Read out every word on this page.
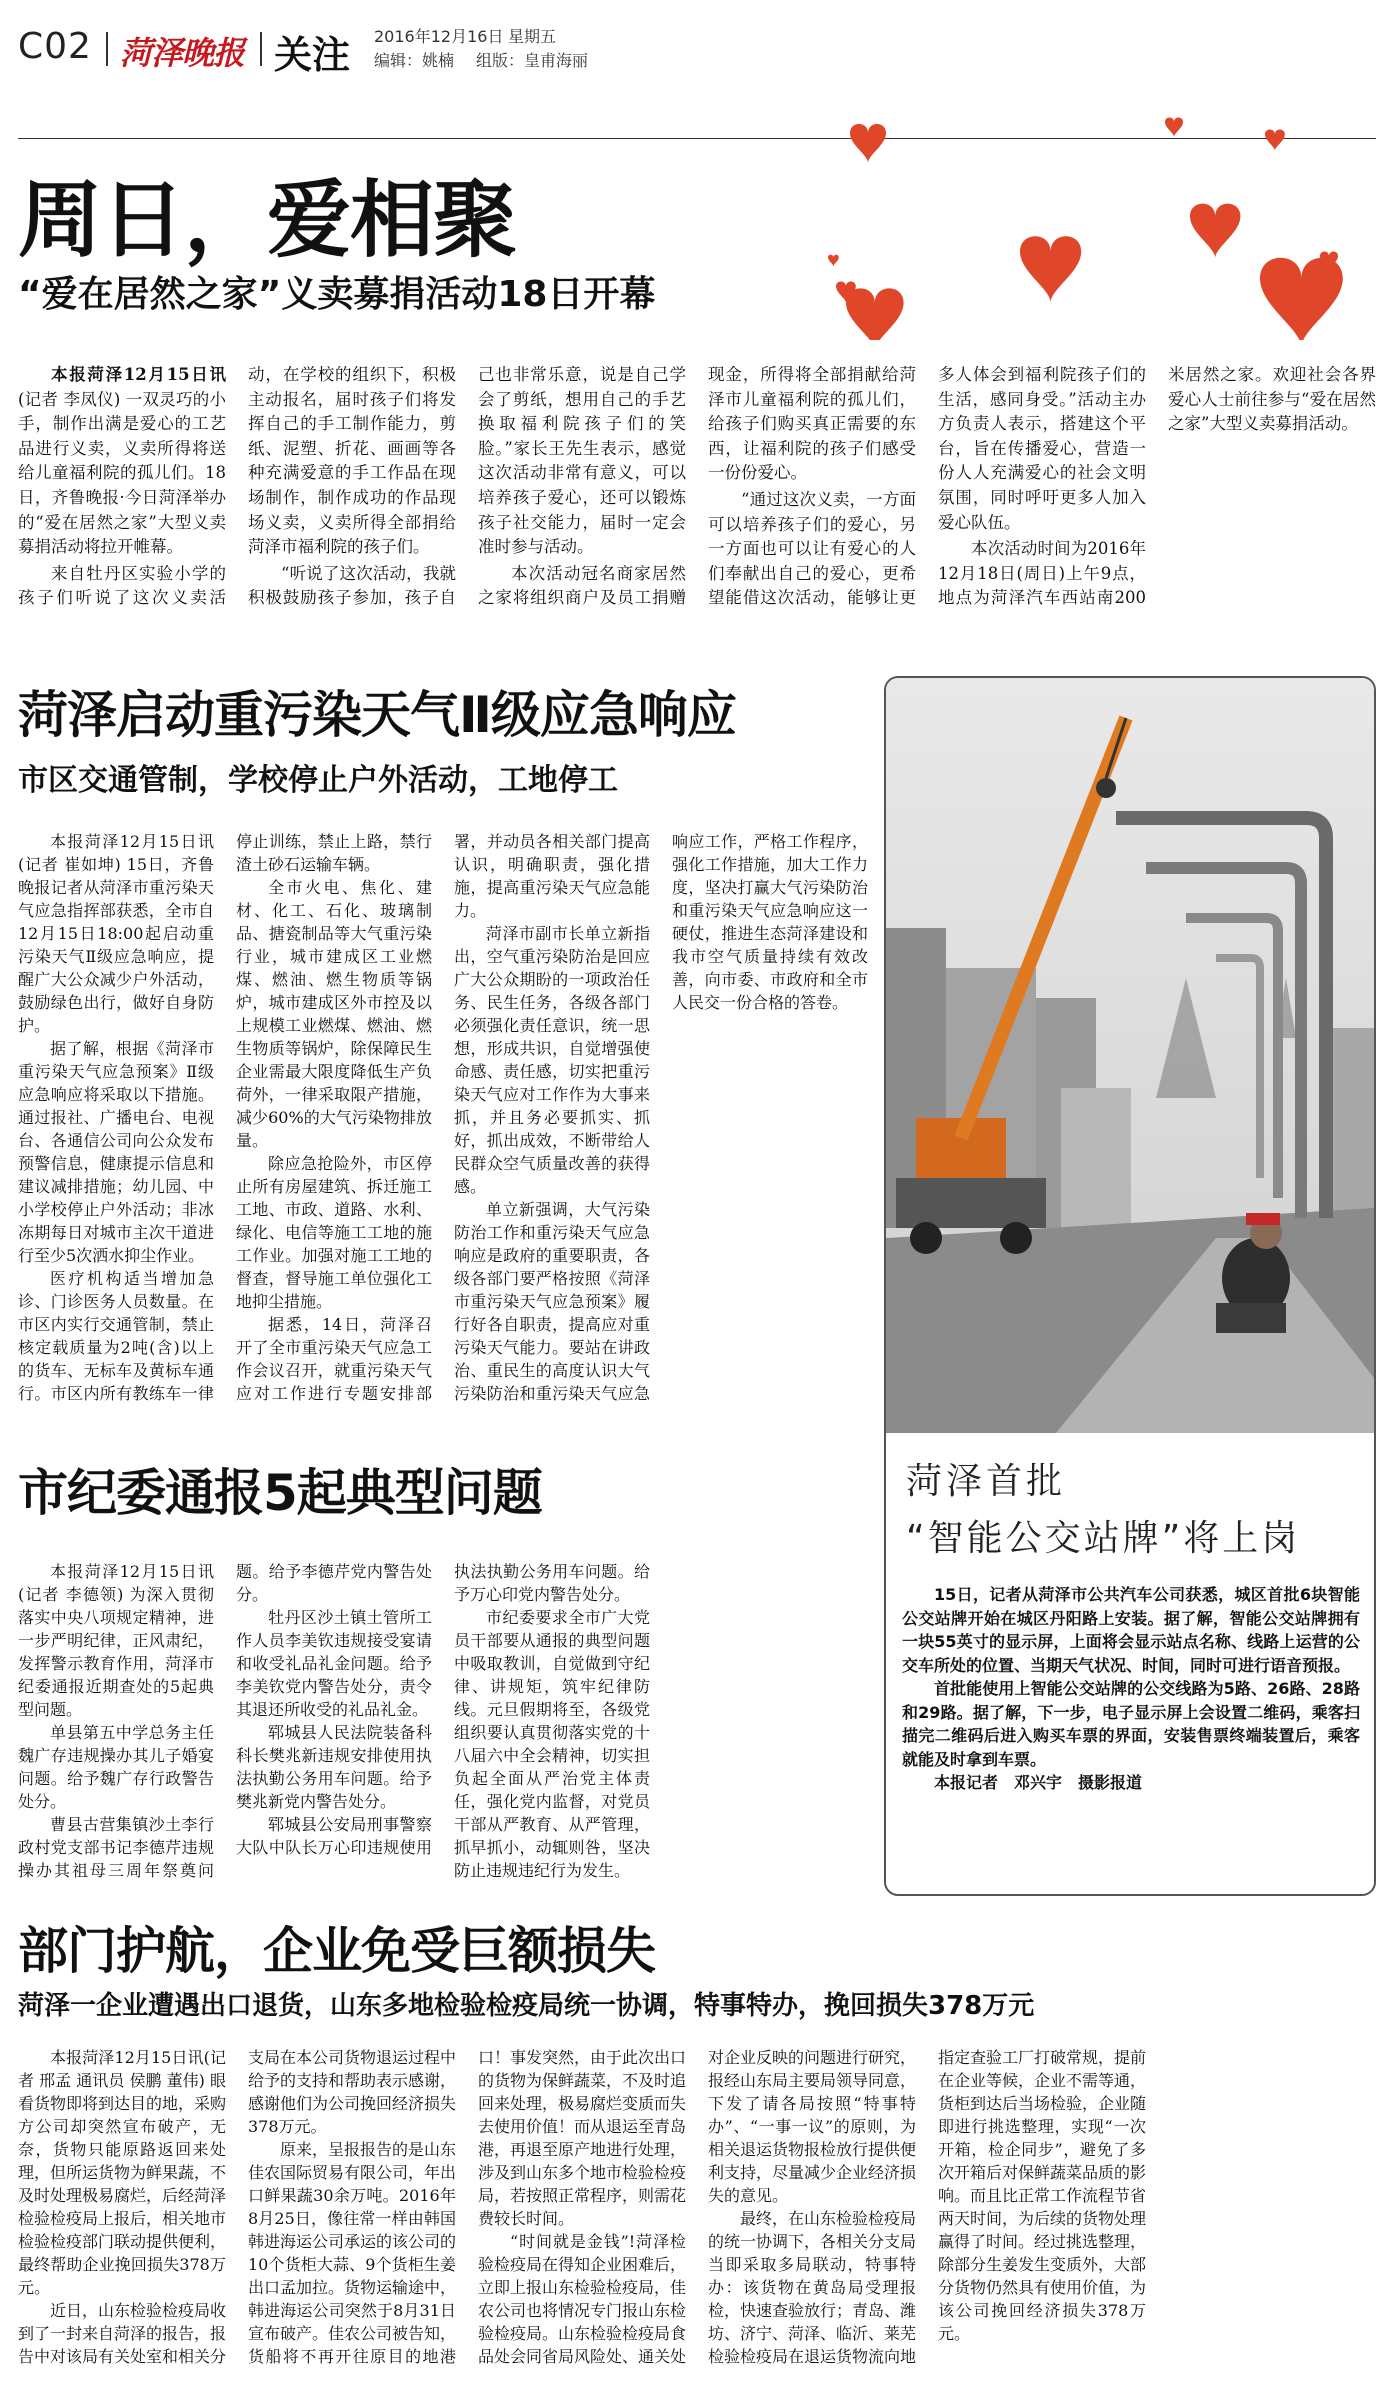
C02 菏泽晚报 关注 2016年12月16日 星期五
编辑：姚楠 组版：皇甫海丽
周日，爱相聚
“爱在居然之家”义卖募捐活动18日开幕

本报菏泽12月15日讯(记者 李凤仪) 一双灵巧的小手，制作出满是爱心的工艺品进行义卖，义卖所得将送给儿童福利院的孤儿们。18日，齐鲁晚报·今日菏泽举办的“爱在居然之家”大型义卖募捐活动将拉开帷幕。

来自牡丹区实验小学的孩子们听说了这次义卖活动，在学校的组织下，积极主动报名，届时孩子们将发挥自己的手工制作能力，剪纸、泥塑、折花、画画等各种充满爱意的手工作品在现场制作，制作成功的作品现场义卖，义卖所得全部捐给菏泽市福利院的孩子们。

“听说了这次活动，我就积极鼓励孩子参加，孩子自己也非常乐意，说是自己学会了剪纸，想用自己的手艺换取福利院孩子们的笑脸。”家长王先生表示，感觉这次活动非常有意义，可以培养孩子爱心，还可以锻炼孩子社交能力，届时一定会准时参与活动。

本次活动冠名商家居然之家将组织商户及员工捐赠现金，所得将全部捐献给菏泽市儿童福利院的孤儿们，给孩子们购买真正需要的东西，让福利院的孩子们感受一份份爱心。

“通过这次义卖，一方面可以培养孩子们的爱心，另一方面也可以让有爱心的人们奉献出自己的爱心，更希望能借这次活动，能够让更多人体会到福利院孩子们的生活，感同身受。”活动主办方负责人表示，搭建这个平台，旨在传播爱心，营造一份人人充满爱心的社会文明氛围，同时呼吁更多人加入爱心队伍。

本次活动时间为2016年12月18日(周日)上午9点，地点为菏泽汽车西站南200米居然之家。欢迎社会各界爱心人士前往参与“爱在居然之家”大型义卖募捐活动。

菏泽启动重污染天气Ⅱ级应急响应
市区交通管制，学校停止户外活动，工地停工

本报菏泽12月15日讯(记者 崔如坤) 15日，齐鲁晚报记者从菏泽市重污染天气应急指挥部获悉，全市自12月15日18:00起启动重污染天气Ⅱ级应急响应，提醒广大公众减少户外活动，鼓励绿色出行，做好自身防护。

据了解，根据《菏泽市重污染天气应急预案》Ⅱ级应急响应将采取以下措施。通过报社、广播电台、电视台、各通信公司向公众发布预警信息，健康提示信息和建议减排措施；幼儿园、中小学校停止户外活动；非冰冻期每日对城市主次干道进行至少5次洒水抑尘作业。

医疗机构适当增加急诊、门诊医务人员数量。在市区内实行交通管制，禁止核定载质量为2吨(含)以上的货车、无标车及黄标车通行。市区内所有教练车一律停止训练，禁止上路，禁行渣土砂石运输车辆。

全市火电、焦化、建材、化工、石化、玻璃制品、搪瓷制品等大气重污染行业，城市建成区工业燃煤、燃油、燃生物质等锅炉，城市建成区外市控及以上规模工业燃煤、燃油、燃生物质等锅炉，除保障民生企业需最大限度降低生产负荷外，一律采取限产措施，减少60%的大气污染物排放量。

除应急抢险外，市区停止所有房屋建筑、拆迁施工工地、市政、道路、水利、绿化、电信等施工工地的施工作业。加强对施工工地的督查，督导施工单位强化工地抑尘措施。

据悉，14日，菏泽召开了全市重污染天气应急工作会议召开，就重污染天气应对工作进行专题安排部署，并动员各相关部门提高认识，明确职责，强化措施，提高重污染天气应急能力。

菏泽市副市长单立新指出，空气重污染防治是回应广大公众期盼的一项政治任务、民生任务，各级各部门必须强化责任意识，统一思想，形成共识，自觉增强使命感、责任感，切实把重污染天气应对工作作为大事来抓，并且务必要抓实、抓好，抓出成效，不断带给人民群众空气质量改善的获得感。

单立新强调，大气污染防治工作和重污染天气应急响应是政府的重要职责，各级各部门要严格按照《菏泽市重污染天气应急预案》履行好各自职责，提高应对重污染天气能力。要站在讲政治、重民生的高度认识大气污染防治和重污染天气应急响应工作，严格工作程序，强化工作措施，加大工作力度，坚决打赢大气污染防治和重污染天气应急响应这一硬仗，推进生态菏泽建设和我市空气质量持续有效改善，向市委、市政府和全市人民交一份合格的答卷。

菏泽首批
“智能公交站牌”将上岗

15日，记者从菏泽市公共汽车公司获悉，城区首批6块智能公交站牌开始在城区丹阳路上安装。据了解，智能公交站牌拥有一块55英寸的显示屏，上面将会显示站点名称、线路上运营的公交车所处的位置、当期天气状况、时间，同时可进行语音预报。

首批能使用上智能公交站牌的公交线路为5路、26路、28路和29路。据了解，下一步，电子显示屏上会设置二维码，乘客扫描完二维码后进入购买车票的界面，安装售票终端装置后，乘客就能及时拿到车票。

本报记者　邓兴宇　摄影报道

市纪委通报5起典型问题

本报菏泽12月15日讯(记者 李德领) 为深入贯彻落实中央八项规定精神，进一步严明纪律，正风肃纪，发挥警示教育作用，菏泽市纪委通报近期查处的5起典型问题。

单县第五中学总务主任魏广存违规操办其儿子婚宴问题。给予魏广存行政警告处分。

曹县古营集镇沙土李行政村党支部书记李德芹违规操办其祖母三周年祭奠问题。给予李德芹党内警告处分。

牡丹区沙土镇土管所工作人员李美钦违规接受宴请和收受礼品礼金问题。给予李美钦党内警告处分，责令其退还所收受的礼品礼金。

郓城县人民法院装备科科长樊兆新违规安排使用执法执勤公务用车问题。给予樊兆新党内警告处分。

郓城县公安局刑事警察大队中队长万心印违规使用执法执勤公务用车问题。给予万心印党内警告处分。

市纪委要求全市广大党员干部要从通报的典型问题中吸取教训，自觉做到守纪律、讲规矩，筑牢纪律防线。元旦假期将至，各级党组织要认真贯彻落实党的十八届六中全会精神，切实担负起全面从严治党主体责任，强化党内监督，对党员干部从严教育、从严管理，抓早抓小，动辄则咎，坚决防止违规违纪行为发生。

部门护航，企业免受巨额损失
菏泽一企业遭遇出口退货，山东多地检验检疫局统一协调，特事特办，挽回损失378万元

本报菏泽12月15日讯(记者 邢孟 通讯员 侯鹏 董伟) 眼看货物即将到达目的地，采购方公司却突然宣布破产，无奈，货物只能原路返回来处理，但所运货物为鲜果蔬，不及时处理极易腐烂，后经菏泽检验检疫局上报后，相关地市检验检疫部门联动提供便利，最终帮助企业挽回损失378万元。

近日，山东检验检疫局收到了一封来自菏泽的报告，报告中对该局有关处室和相关分支局在本公司货物退运过程中给予的支持和帮助表示感谢，感谢他们为公司挽回经济损失378万元。

原来，呈报报告的是山东佳农国际贸易有限公司，年出口鲜果蔬30余万吨。2016年8月25日，像往常一样由韩国韩进海运公司承运的该公司的10个货柜大蒜、9个货柜生姜出口孟加拉。货物运输途中，韩进海运公司突然于8月31日宣布破产。佳农公司被告知，货船将不再开往原目的地港口！事发突然，由于此次出口的货物为保鲜蔬菜，不及时追回来处理，极易腐烂变质而失去使用价值！而从退运至青岛港，再退至原产地进行处理，涉及到山东多个地市检验检疫局，若按照正常程序，则需花费较长时间。

“时间就是金钱”!菏泽检验检疫局在得知企业困难后，立即上报山东检验检疫局，佳农公司也将情况专门报山东检验检疫局。山东检验检疫局食品处会同省局风险处、通关处对企业反映的问题进行研究，报经山东局主要局领导同意，下发了请各局按照“特事特办”、“一事一议”的原则，为相关退运货物报检放行提供便利支持，尽量减少企业经济损失的意见。

最终，在山东检验检疫局的统一协调下，各相关分支局当即采取多局联动，特事特办：该货物在黄岛局受理报检，快速查验放行；青岛、潍坊、济宁、菏泽、临沂、莱芜检验检疫局在退运货物流向地指定查验工厂打破常规，提前在企业等候，企业不需等通，货柜到达后当场检验，企业随即进行挑选整理，实现“一次开箱，检企同步”，避免了多次开箱后对保鲜蔬菜品质的影响。而且比正常工作流程节省两天时间，为后续的货物处理赢得了时间。经过挑选整理，除部分生姜发生变质外，大部分货物仍然具有使用价值，为该公司挽回经济损失378万元。
